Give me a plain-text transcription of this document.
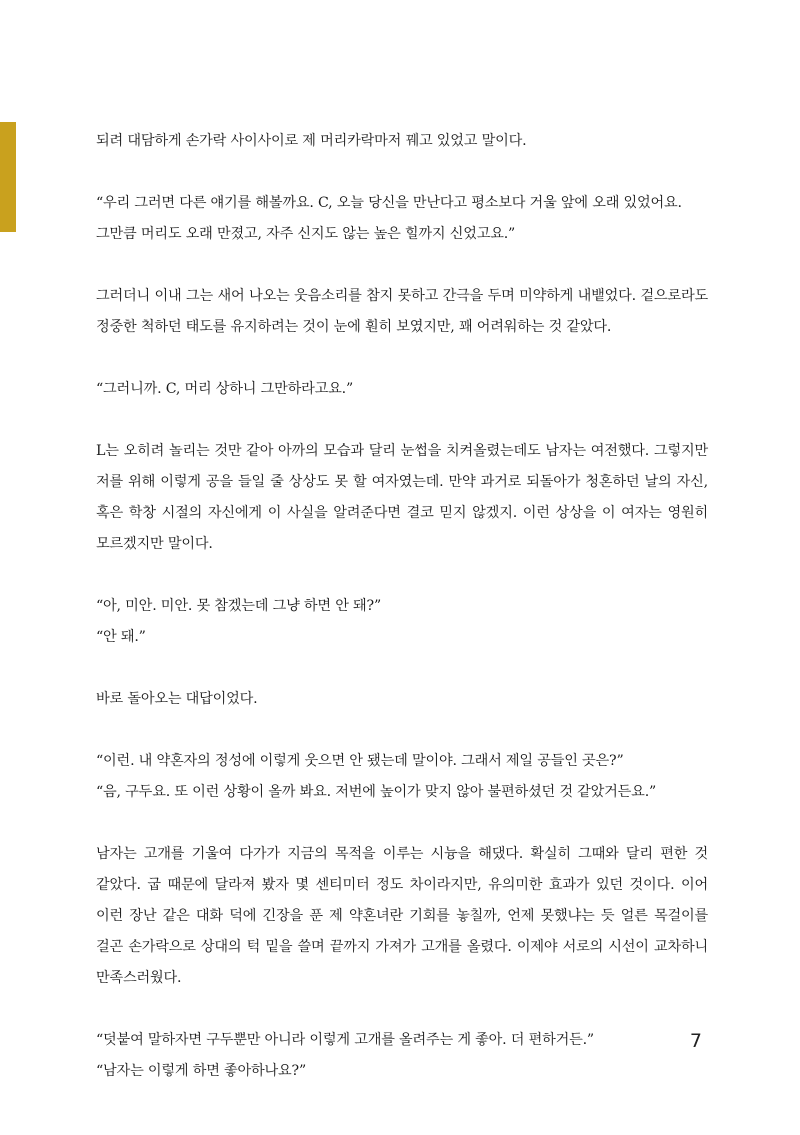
되려 대담하게 손가락 사이사이로 제 머리카락마저 꿰고 있었고 말이다.

“우리 그러면 다른 얘기를 해볼까요. C, 오늘 당신을 만난다고 평소보다 거울 앞에 오래 있었어요. 그만큼 머리도 오래 만졌고, 자주 신지도 않는 높은 힐까지 신었고요.”

그러더니 이내 그는 새어 나오는 웃음소리를 참지 못하고 간극을 두며 미약하게 내뱉었다. 겉으로라도 정중한 척하던 태도를 유지하려는 것이 눈에 훤히 보였지만, 꽤 어려워하는 것 같았다.

“그러니까. C, 머리 상하니 그만하라고요.”

L는 오히려 놀리는 것만 같아 아까의 모습과 달리 눈썹을 치켜올렸는데도 남자는 여전했다. 그렇지만 저를 위해 이렇게 공을 들일 줄 상상도 못 할 여자였는데. 만약 과거로 되돌아가 청혼하던 날의 자신, 혹은 학창 시절의 자신에게 이 사실을 알려준다면 결코 믿지 않겠지. 이런 상상을 이 여자는 영원히 모르겠지만 말이다.

“아, 미안. 미안. 못 참겠는데 그냥 하면 안 돼?”
“안 돼.”

바로 돌아오는 대답이었다.

“이런. 내 약혼자의 정성에 이렇게 웃으면 안 됐는데 말이야. 그래서 제일 공들인 곳은?”
“음, 구두요. 또 이런 상황이 올까 봐요. 저번에 높이가 맞지 않아 불편하셨던 것 같았거든요.”

남자는 고개를 기울여 다가가 지금의 목적을 이루는 시늉을 해댔다. 확실히 그때와 달리 편한 것 같았다. 굽 때문에 달라져 봤자 몇 센티미터 정도 차이라지만, 유의미한 효과가 있던 것이다. 이어 이런 장난 같은 대화 덕에 긴장을 푼 제 약혼녀란 기회를 놓칠까, 언제 못했냐는 듯 얼른 목걸이를 걸곤 손가락으로 상대의 턱 밑을 쓸며 끝까지 가져가 고개를 올렸다. 이제야 서로의 시선이 교차하니 만족스러웠다.

“덧붙여 말하자면 구두뿐만 아니라 이렇게 고개를 올려주는 게 좋아. 더 편하거든.”
“남자는 이렇게 하면 좋아하나요?”

7
